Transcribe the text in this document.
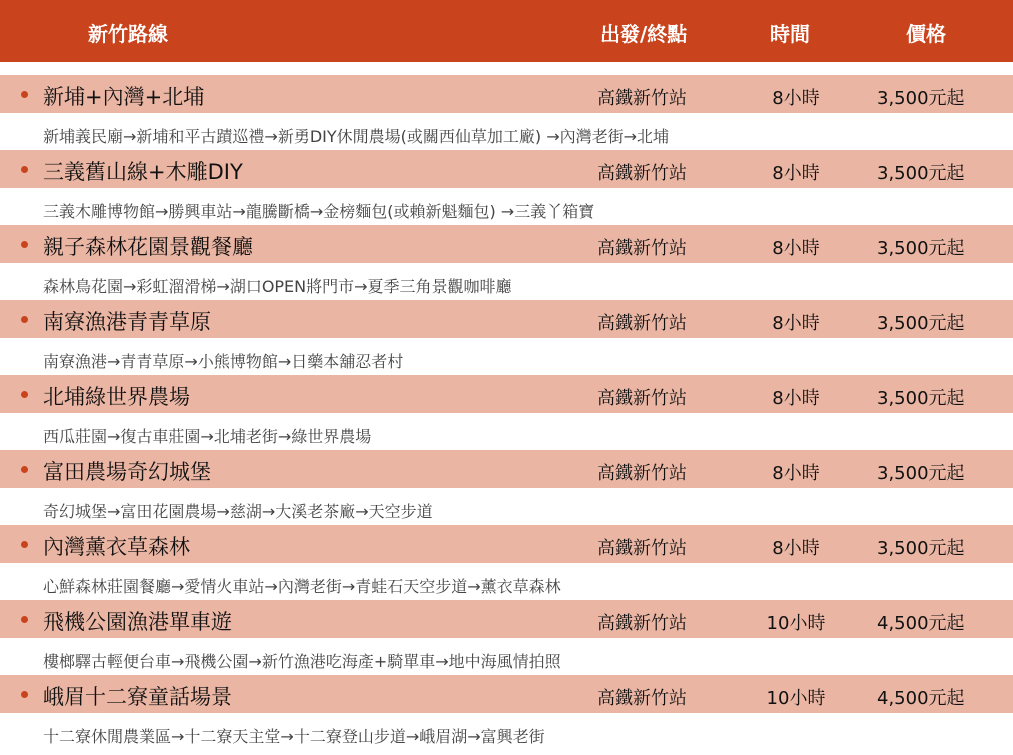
新竹路線	出發/終點	時間	價格
新埔+內灣+北埔	高鐵新竹站	8小時	3,500元起
新埔義民廟→新埔和平古蹟巡禮→新勇DIY休閒農場(或關西仙草加工廠) →內灣老街→北埔
三義舊山線+木雕DIY	高鐵新竹站	8小時	3,500元起
三義木雕博物館→勝興車站→龍騰斷橋→金榜麵包(或賴新魁麵包) →三義丫箱寶
親子森林花園景觀餐廳	高鐵新竹站	8小時	3,500元起
森林鳥花園→彩虹溜滑梯→湖口OPEN將門市→夏季三角景觀咖啡廳
南寮漁港青青草原	高鐵新竹站	8小時	3,500元起
南寮漁港→青青草原→小熊博物館→日藥本舖忍者村
北埔綠世界農場	高鐵新竹站	8小時	3,500元起
西瓜莊園→復古車莊園→北埔老街→綠世界農場
富田農場奇幻城堡	高鐵新竹站	8小時	3,500元起
奇幻城堡→富田花園農場→慈湖→大溪老茶廠→天空步道
內灣薰衣草森林	高鐵新竹站	8小時	3,500元起
心鮮森林莊園餐廳→愛情火車站→內灣老街→青蛙石天空步道→薰衣草森林
飛機公園漁港單車遊	高鐵新竹站	10小時	4,500元起
樓榔驛古輕便台車→飛機公園→新竹漁港吃海產+騎單車→地中海風情拍照
峨眉十二寮童話場景	高鐵新竹站	10小時	4,500元起
十二寮休閒農業區→十二寮天主堂→十二寮登山步道→峨眉湖→富興老街
